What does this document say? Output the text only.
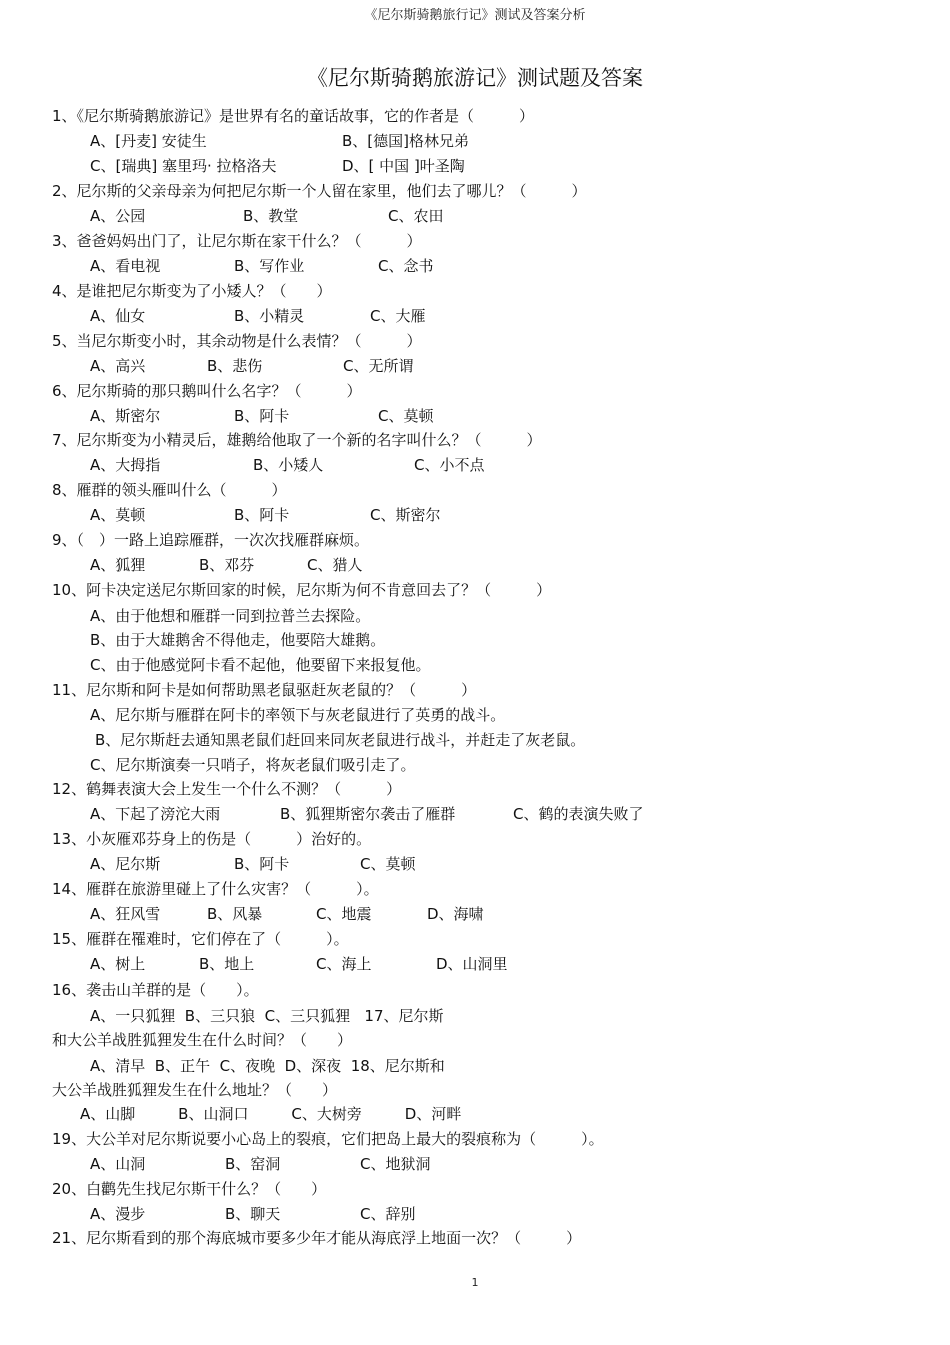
《尼尔斯骑鹅旅行记》测试及答案分析
《尼尔斯骑鹅旅游记》测试题及答案
1、《尼尔斯骑鹅旅游记》是世界有名的童话故事，它的作者是（　　　）
A、[丹麦] 安徒生	B、[德国]格林兄弟
C、[瑞典] 塞里玛· 拉格洛夫	D、[ 中国 ]叶圣陶
2、尼尔斯的父亲母亲为何把尼尔斯一个人留在家里，他们去了哪儿？（　　　）
A、公园	B、教堂	C、农田
3、爸爸妈妈出门了，让尼尔斯在家干什么？（　　　）
A、看电视	B、写作业	C、念书
4、是谁把尼尔斯变为了小矮人？（　　）
A、仙女	B、小精灵	C、大雁
5、当尼尔斯变小时，其余动物是什么表情？（　　　）
A、高兴	B、悲伤	C、无所谓
6、尼尔斯骑的那只鹅叫什么名字？（　　　）
A、斯密尔	B、阿卡	C、莫顿
7、尼尔斯变为小精灵后，雄鹅给他取了一个新的名字叫什么？（　　　）
A、大拇指	B、小矮人	C、小不点
8、雁群的领头雁叫什么（　　　）
A、莫顿	B、阿卡	C、斯密尔
9、（　）一路上追踪雁群，一次次找雁群麻烦。
A、狐狸	B、邓芬	C、猎人
10、阿卡决定送尼尔斯回家的时候，尼尔斯为何不肯意回去了？（　　　）
A、由于他想和雁群一同到拉普兰去探险。
B、由于大雄鹅舍不得他走，他要陪大雄鹅。
C、由于他感觉阿卡看不起他，他要留下来报复他。
11、尼尔斯和阿卡是如何帮助黑老鼠驱赶灰老鼠的？（　　　）
A、尼尔斯与雁群在阿卡的率领下与灰老鼠进行了英勇的战斗。
B、尼尔斯赶去通知黑老鼠们赶回来同灰老鼠进行战斗，并赶走了灰老鼠。
C、尼尔斯演奏一只哨子，将灰老鼠们吸引走了。
12、鹤舞表演大会上发生一个什么不测？（　　　）
A、下起了滂沱大雨	B、狐狸斯密尔袭击了雁群	C、鹤的表演失败了
13、小灰雁邓芬身上的伤是（　　　）治好的。
A、尼尔斯	B、阿卡	C、莫顿
14、雁群在旅游里碰上了什么灾害？（　　　）。
A、狂风雪	B、风暴	C、地震	D、海啸
15、雁群在罹难时，它们停在了（　　　）。
A、树上	B、地上	C、海上	D、山洞里
16、袭击山羊群的是（　　）。
A、一只狐狸  B、三只狼  C、三只狐狸   17、尼尔斯
和大公羊战胜狐狸发生在什么时间？（　　）
A、清早  B、正午  C、夜晚  D、深夜  18、尼尔斯和
大公羊战胜狐狸发生在什么地址？（　　）
A、山脚         B、山洞口         C、大树旁         D、河畔
19、大公羊对尼尔斯说要小心岛上的裂痕，它们把岛上最大的裂痕称为（　　　）。
A、山洞	B、窑洞	C、地狱洞
20、白鹳先生找尼尔斯干什么？（　　）
A、漫步	B、聊天	C、辞别
21、尼尔斯看到的那个海底城市要多少年才能从海底浮上地面一次？（　　　）
1
